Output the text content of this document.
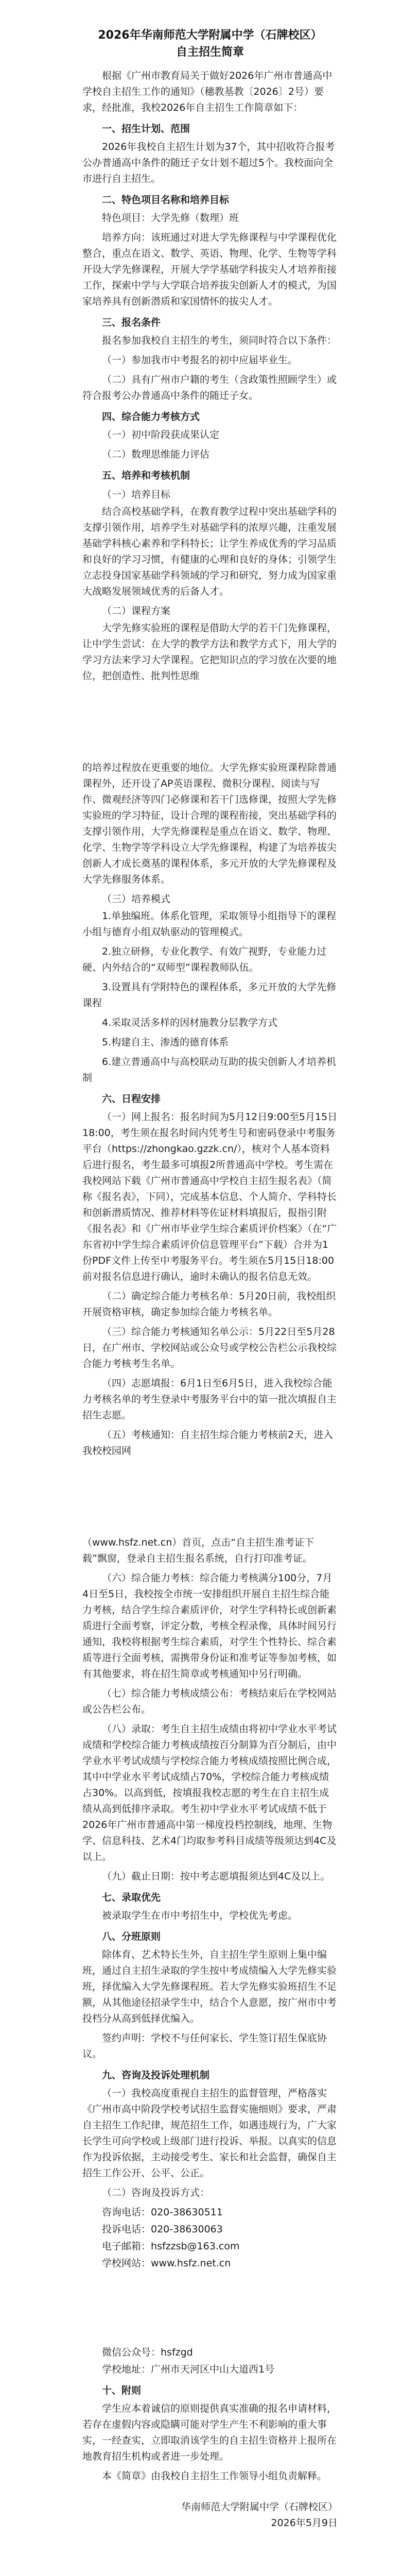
2026年华南师范大学附属中学（石牌校区）
自主招生简章
根据《广州市教育局关于做好2026年广州市普通高中学校自主招生工作的通知》（穗教基教〔2026〕2号）要求，经批准，我校2026年自主招生工作简章如下：
一、招生计划、范围
2026年我校自主招生计划为37个，其中招收符合报考公办普通高中条件的随迁子女计划不超过5个。我校面向全市进行自主招生。
二、特色项目名称和培养目标
特色项目：大学先修（数理）班
培养方向：该班通过对进大学先修课程与中学课程优化整合，重点在语文、数学、英语、物理、化学、生物等学科开设大学先修课程，开展大学学基础学科拔尖人才培养衔接工作，探索中学与大学联合培养拔尖创新人才的模式，为国家培养具有创新潜质和家国情怀的拔尖人才。
三、报名条件
报名参加我校自主招生的考生，须同时符合以下条件：
（一）参加我市中考报名的初中应届毕业生。
（二）具有广州市户籍的考生（含政策性照顾学生）或符合报考公办普通高中条件的随迁子女。
四、综合能力考核方式
（一）初中阶段获成果认定
（二）数理思维能力评估
五、培养和考核机制
（一）培养目标
结合高校基础学科，在教育教学过程中突出基础学科的支撑引领作用，培养学生对基础学科的浓厚兴趣，注重发展基础学科核心素养和学科特长；让学生养成优秀的学习品质和良好的学习习惯，有健康的心理和良好的身体；引领学生立志投身国家基础学科领域的学习和研究，努力成为国家重大战略发展领域优秀的后备人才。
（二）课程方案
大学先修实验班的课程是借助大学的若干门先修课程，让中学生尝试：在大学的教学方法和教学方式下，用大学的学习方法来学习大学课程。它把知识点的学习放在次要的地位，把创造性、批判性思维
的培养过程放在更重要的地位。大学先修实验班课程除普通课程外，还开设了AP英语课程、微积分课程、阅读与写作、微观经济等四门必修课和若干门选修课，按照大学先修实验班的学习特征，设计合理的课程衔接，突出基础学科的支撑引领作用，大学先修课程是重点在语文、数学、物理、化学、生物学等学科设立大学先修课程，构建了为培养拔尖创新人才成长奠基的课程体系，多元开放的大学先修课程及大学先修服务体系。
（三）培养模式
1.单独编班。体系化管理，采取领导小组指导下的课程小组与德育小组双轨驱动的管理模式。
2.独立研修，专业化教学、有效广视野，专业能力过硬、内外结合的“双师型”课程教师队伍。
3.设置具有学附特色的课程体系，多元开放的大学先修课程
4.采取灵活多样的因材施教分层教学方式
5.构建自主、渗透的德育体系
6.建立普通高中与高校联动互助的拔尖创新人才培养机制
六、日程安排
（一）网上报名：报名时间为5月12日9:00至5月15日18:00，考生须在报名时间内凭考生号和密码登录中考服务平台（https://zhongkao.gzzk.cn/），核对个人基本资料后进行报名，考生最多可填报2所普通高中学校。考生需在我校网站下载《广州市普通高中学校自主招生报名表》（简称《报名表》，下同），完成基本信息、个人简介、学科特长和创新潜质情况、推荐材料等佐证材料填报后，报指引附《报名表》和《广州市毕业学生综合素质评价档案》（在“广东省初中学生综合素质评价信息管理平台”下载）合并为1份PDF文件上传至中考服务平台。考生须在5月15日18:00前对报名信息进行确认，逾时未确认的报名信息无效。
（二）确定综合能力考核名单：5月20日前，我校组织开展资格审核，确定参加综合能力考核名单。
（三）综合能力考核通知名单公示：5月22日至5月28日，在广州市、学校网站或公众号或学校公告栏公示我校综合能力考核考生名单。
（四）志愿填报：6月1日至6月5日，进入我校综合能力考核名单的考生登录中考服务平台中的第一批次填报自主招生志愿。
（五）考核通知：自主招生综合能力考核前2天，进入我校校园网
（www.hsfz.net.cn）首页，点击“自主招生准考证下载”飘窗，登录自主招生报名系统，自行打印准考证。
（六）综合能力考核：综合能力考核满分100分，7月4日至5日，我校按全市统一安排组织开展自主招生综合能力考核，结合学生综合素质评价，对学生学科特长或创新素质进行全面考察，评定分数，考核全程录像，具体时间另行通知，我校将根据考生综合素质，对学生个性特长、综合素质等进行全面考核，需携带身份证和准考证等参加考核，如有其他要求，将在招生简章或考核通知中另行明确。
（七）综合能力考核成绩公布：考核结束后在学校网站或公告栏公布。
（八）录取：考生自主招生成绩由将初中学业水平考试成绩和学校综合能力考核成绩按百分制算为百分制后，由中学业水平考试成绩与学校综合能力考核成绩按照比例合成，其中中学业水平考试成绩占70%，学校综合能力考核成绩占30%。以高到低，按填报我校志愿的考生在自主招生成绩从高到低排序录取。考生初中学业水平考试成绩不低于2026年广州市普通高中第一梯度投档控制线，地理、生物学、信息科技、艺术4门均取参考科目成绩等级须达到4C及以上。
（九）截止日期：按中考志愿填报须达到4C及以上。
七、录取优先
被录取学生在市中考招生中，学校优先考虑。
八、分班原则
除体育、艺术特长生外，自主招生学生原则上集中编班，通过自主招生录取的学生按中考成绩编入大学先修实验班，择优编入大学先修课程班。若大学先修实验班招生不足额，从其他途径招录学生中，结合个人意愿，按广州市中考投档分从高到低择优编入。
签约声明：学校不与任何家长、学生签订招生保底协议。
九、咨询及投诉处理机制
（一）我校高度重视自主招生的监督管理，严格落实《广州市高中阶段学校考试招生监督实施细则》要求，严肃自主招生工作纪律，规范招生工作，如遇违规行为，广大家长学生可向学校或上级部门进行投诉、举报。以真实的信息作为投诉依据，主动接受考生、家长和社会监督，确保自主招生工作公开、公平、公正。
（二）咨询及投诉方式：
咨询电话：020-38630511
投诉电话：020-38630063
电子邮箱：hsfzzsb@163.com
学校网站：www.hsfz.net.cn
微信公众号：hsfzgd
学校地址：广州市天河区中山大道西1号
十、附则
学生应本着诚信的原则提供真实准确的报名申请材料，若存在虚假内容或隐瞒可能对学生产生不利影响的重大事实，一经查实，立即取消该学生的自主招生资格并上报所在地教育招生机构或者进一步处理。
本《简章》由我校自主招生工作领导小组负责解释。
华南师范大学附属中学（石牌校区）
2026年5月9日
